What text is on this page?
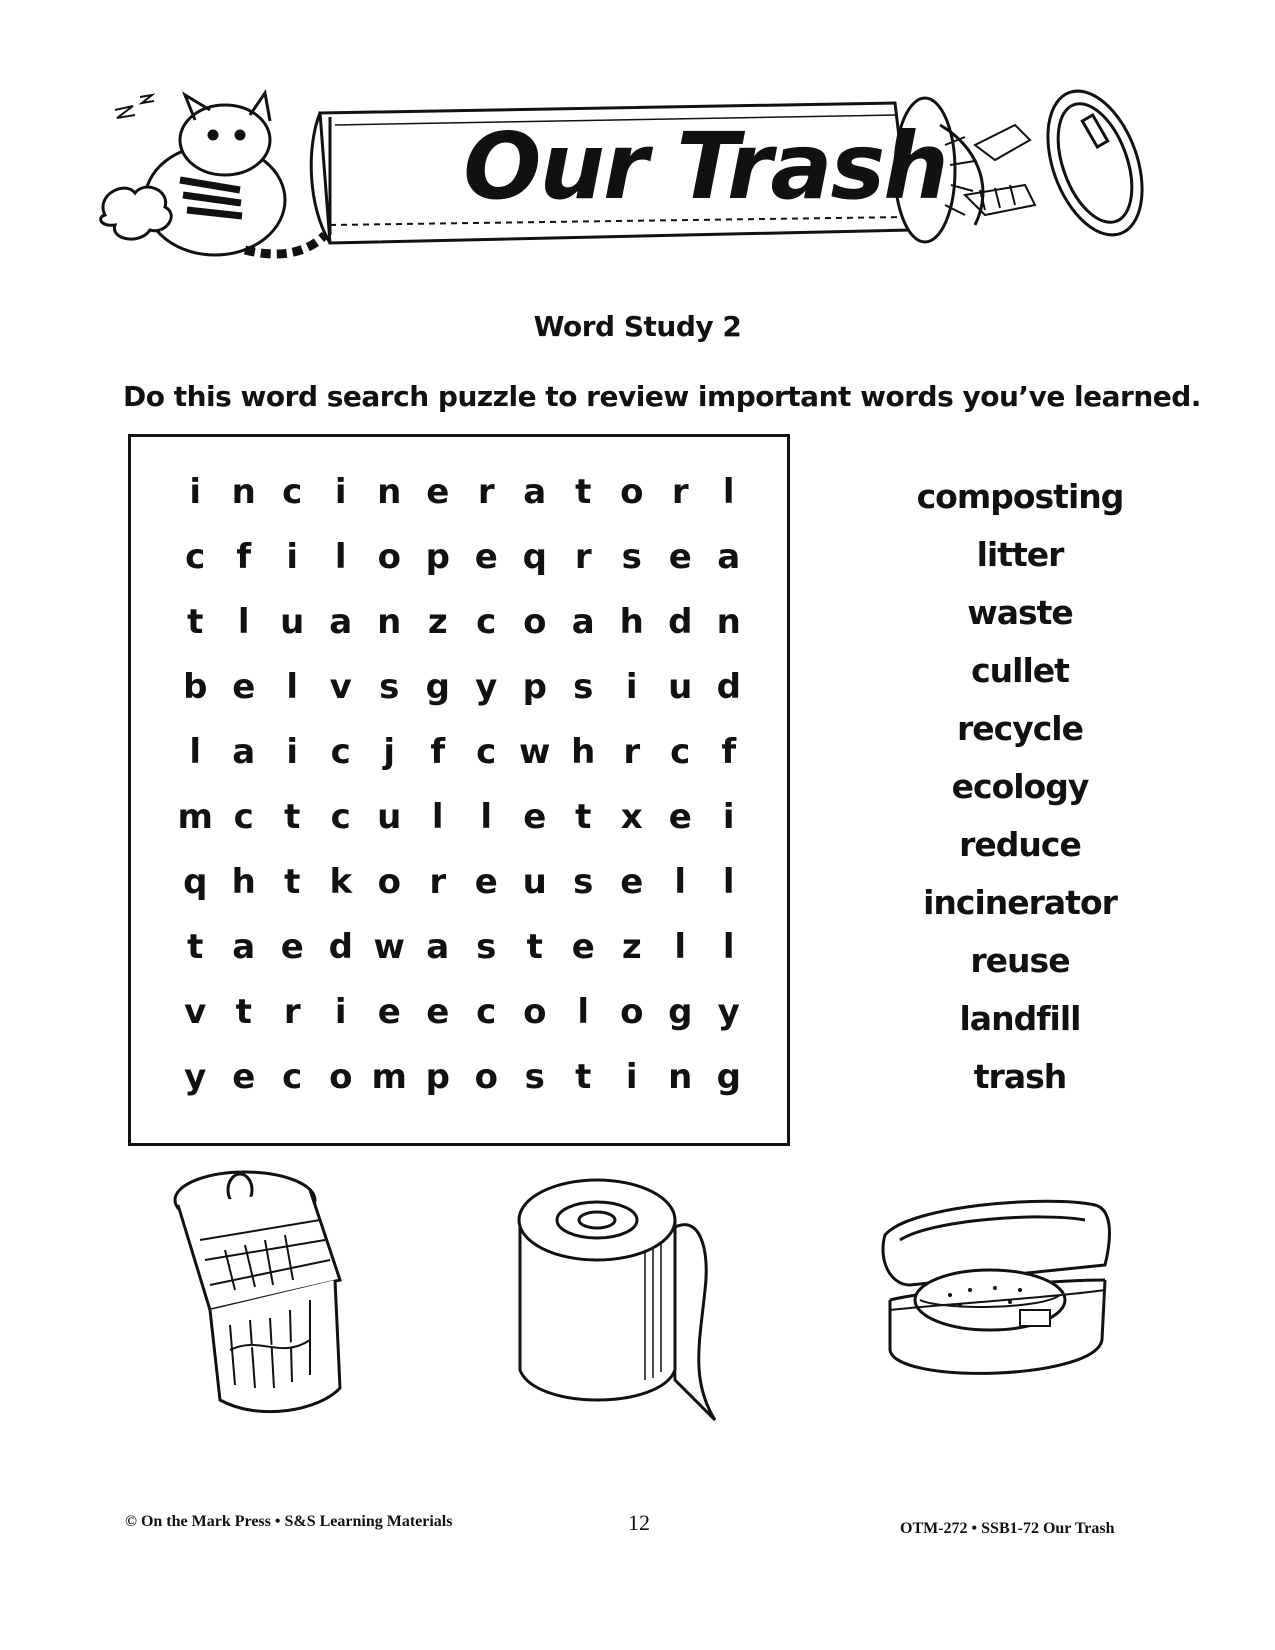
Our Trash
Word Study 2
Do this word search puzzle to review important words you’ve learned.
i n c i n e r a t o r	l
c f	i	l o p e q r s e a
t	l u a n z c o a h d n
b e l v s g y p s i u d
l a i c j	f c w h r c f
m c t c u l	l e t x e i
q h t k o r e u s e l	l
t a e d w a s t e z l	l
v t r	i e e c o l o g y
y e c o m p o s t	i n g
composting
litter
waste
cullet
recycle
ecology
reduce
incinerator
reuse
landfill
trash
© On the Mark Press • S&S Learning Materials	12	OTM-272 • SSB1-72 Our Trash
